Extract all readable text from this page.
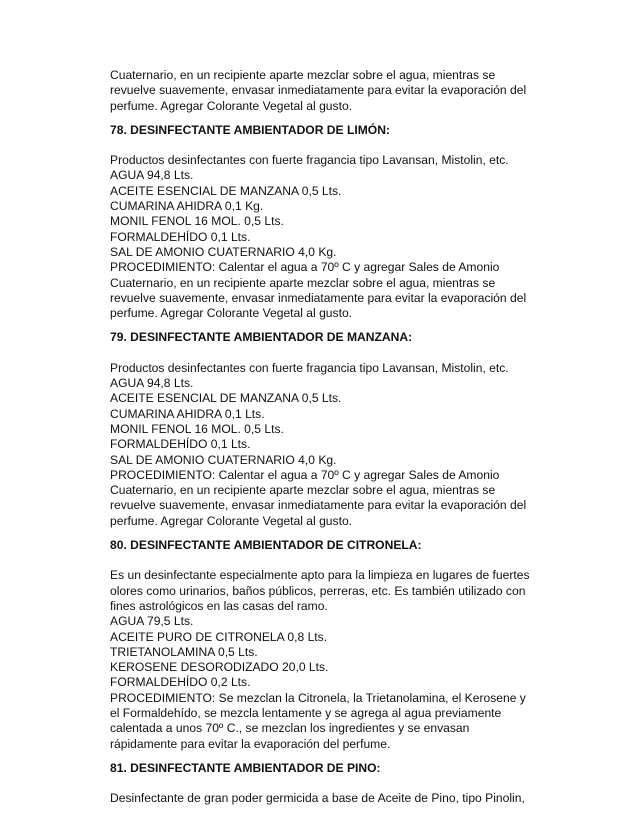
Cuaternario, en un recipiente aparte mezclar sobre el agua, mientras se
revuelve suavemente, envasar inmediatamente para evitar la evaporación del
perfume. Agregar Colorante Vegetal al gusto.
78. DESINFECTANTE AMBIENTADOR DE LIMÓN:
Productos desinfectantes con fuerte fragancia tipo Lavansan, Mistolin, etc.
AGUA 94,8 Lts.
ACEITE ESENCIAL DE MANZANA 0,5 Lts.
CUMARINA AHIDRA 0,1 Kg.
MONIL FENOL 16 MOL. 0,5 Lts.
FORMALDEHÍDO 0,1 Lts.
SAL DE AMONIO CUATERNARIO 4,0 Kg.
PROCEDIMIENTO: Calentar el agua a 70º C y agregar Sales de Amonio
Cuaternario, en un recipiente aparte mezclar sobre el agua, mientras se
revuelve suavemente, envasar inmediatamente para evitar la evaporación del
perfume. Agregar Colorante Vegetal al gusto.
79. DESINFECTANTE AMBIENTADOR DE MANZANA:
Productos desinfectantes con fuerte fragancia tipo Lavansan, Mistolin, etc.
AGUA 94,8 Lts.
ACEITE ESENCIAL DE MANZANA 0,5 Lts.
CUMARINA AHIDRA 0,1 Lts.
MONIL FENOL 16 MOL. 0,5 Lts.
FORMALDEHÍDO 0,1 Lts.
SAL DE AMONIO CUATERNARIO 4,0 Kg.
PROCEDIMIENTO: Calentar el agua a 70º C y agregar Sales de Amonio
Cuaternario, en un recipiente aparte mezclar sobre el agua, mientras se
revuelve suavemente, envasar inmediatamente para evitar la evaporación del
perfume. Agregar Colorante Vegetal al gusto.
80. DESINFECTANTE AMBIENTADOR DE CITRONELA:
Es un desinfectante especialmente apto para la limpieza en lugares de fuertes
olores como urinarios, baños públicos, perreras, etc. Es también utilizado con
fines astrológicos en las casas del ramo.
AGUA 79,5 Lts.
ACEITE PURO DE CITRONELA 0,8 Lts.
TRIETANOLAMINA 0,5 Lts.
KEROSENE DESORODIZADO 20,0 Lts.
FORMALDEHÍDO 0,2 Lts.
PROCEDIMIENTO: Se mezclan la Citronela, la Trietanolamina, el Kerosene y
el Formaldehído, se mezcla lentamente y se agrega al agua previamente
calentada a unos 70º C., se mezclan los ingredientes y se envasan
rápidamente para evitar la evaporación del perfume.
81. DESINFECTANTE AMBIENTADOR DE PINO:
Desinfectante de gran poder germicida a base de Aceite de Pino, tipo Pinolin,
